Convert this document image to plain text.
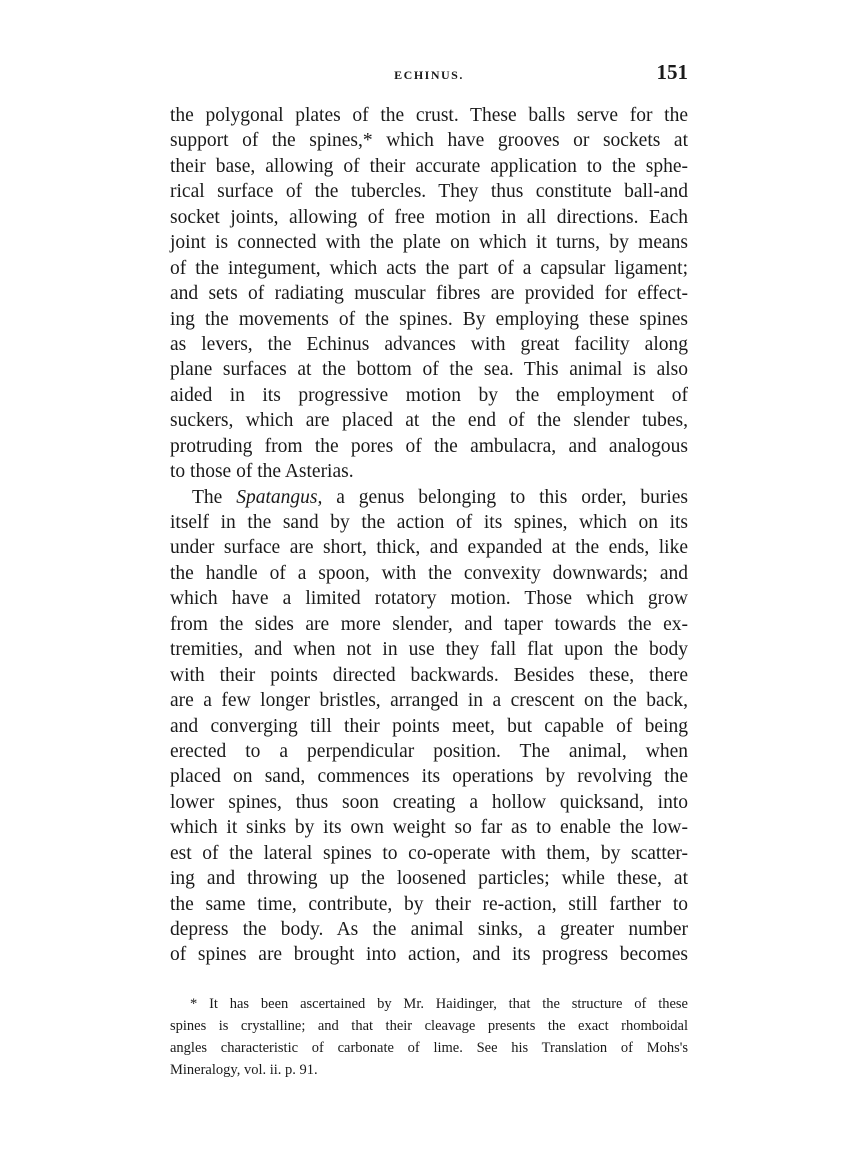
ECHINUS.	151
the polygonal plates of the crust. These balls serve for the
support of the spines,* which have grooves or sockets at
their base, allowing of their accurate application to the sphe-
rical surface of the tubercles. They thus constitute ball-and
socket joints, allowing of free motion in all directions. Each
joint is connected with the plate on which it turns, by means
of the integument, which acts the part of a capsular ligament;
and sets of radiating muscular fibres are provided for effect-
ing the movements of the spines. By employing these spines
as levers, the Echinus advances with great facility along
plane surfaces at the bottom of the sea. This animal is also
aided in its progressive motion by the employment of
suckers, which are placed at the end of the slender tubes,
protruding from the pores of the ambulacra, and analogous
to those of the Asterias.
The Spatangus, a genus belonging to this order, buries
itself in the sand by the action of its spines, which on its
under surface are short, thick, and expanded at the ends, like
the handle of a spoon, with the convexity downwards; and
which have a limited rotatory motion. Those which grow
from the sides are more slender, and taper towards the ex-
tremities, and when not in use they fall flat upon the body
with their points directed backwards. Besides these, there
are a few longer bristles, arranged in a crescent on the back,
and converging till their points meet, but capable of being
erected to a perpendicular position. The animal, when
placed on sand, commences its operations by revolving the
lower spines, thus soon creating a hollow quicksand, into
which it sinks by its own weight so far as to enable the low-
est of the lateral spines to co-operate with them, by scatter-
ing and throwing up the loosened particles; while these, at
the same time, contribute, by their re-action, still farther to
depress the body. As the animal sinks, a greater number
of spines are brought into action, and its progress becomes
* It has been ascertained by Mr. Haidinger, that the structure of these
spines is crystalline; and that their cleavage presents the exact rhomboidal
angles characteristic of carbonate of lime. See his Translation of Mohs's
Mineralogy, vol. ii. p. 91.
